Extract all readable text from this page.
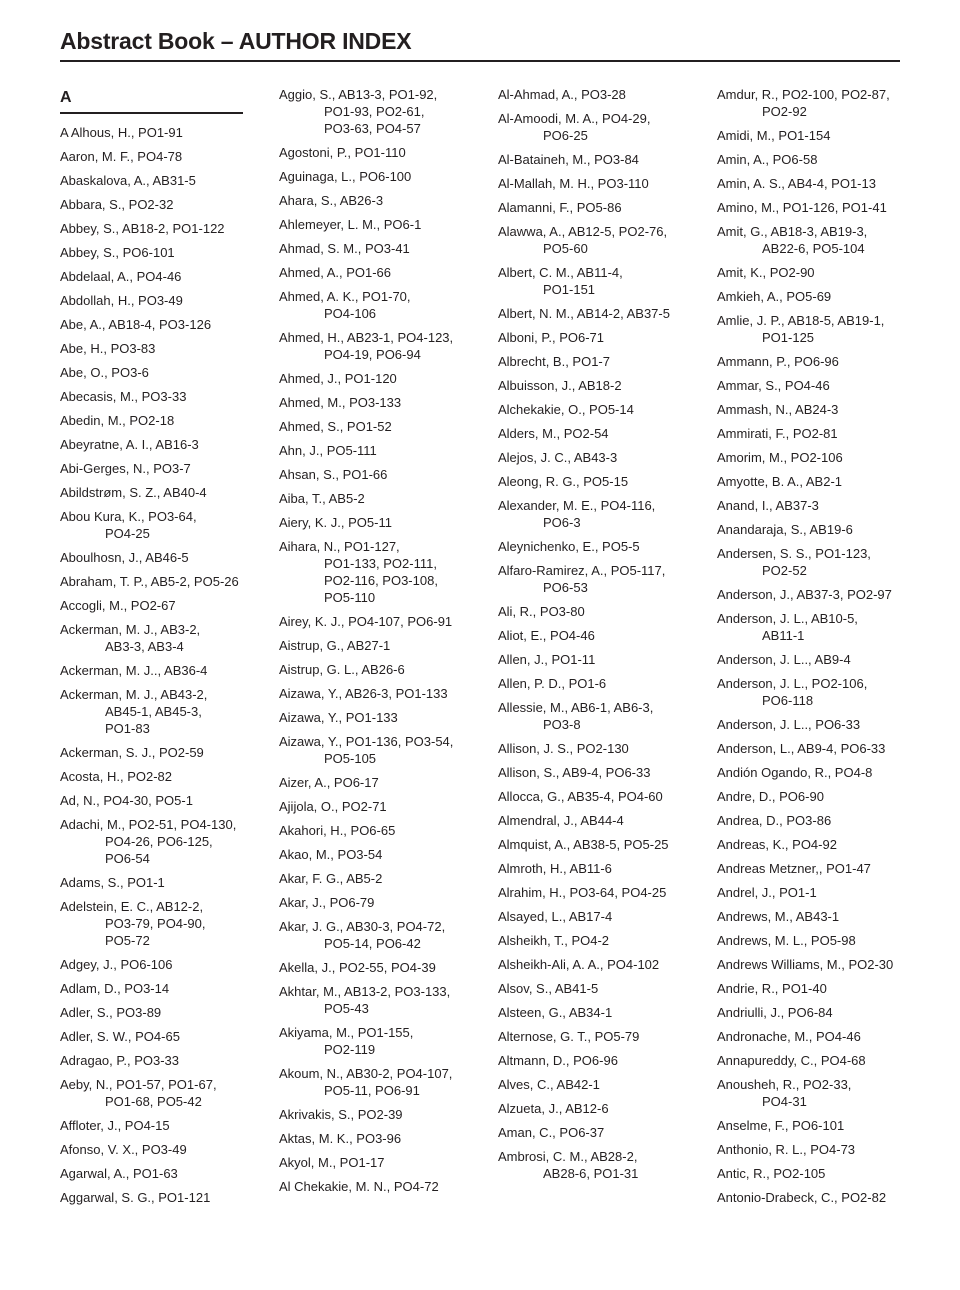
Abstract Book – AUTHOR INDEX
A
A Alhous, H., PO1-91
Aaron, M. F., PO4-78
Abaskalova, A., AB31-5
Abbara, S., PO2-32
Abbey, S., AB18-2, PO1-122
Abbey, S., PO6-101
Abdelaal, A., PO4-46
Abdollah, H., PO3-49
Abe, A., AB18-4, PO3-126
Abe, H., PO3-83
Abe, O., PO3-6
Abecasis, M., PO3-33
Abedin, M., PO2-18
Abeyratne, A. I., AB16-3
Abi-Gerges, N., PO3-7
Abildstrøm, S. Z., AB40-4
Abou Kura, K., PO3-64,
PO4-25
Aboulhosn, J., AB46-5
Abraham, T. P., AB5-2, PO5-26
Accogli, M., PO2-67
Ackerman, M. J., AB3-2,
AB3-3, AB3-4
Ackerman, M. J.., AB36-4
Ackerman, M. J., AB43-2,
AB45-1, AB45-3,
PO1-83
Ackerman, S. J., PO2-59
Acosta, H., PO2-82
Ad, N., PO4-30, PO5-1
Adachi, M., PO2-51, PO4-130,
PO4-26, PO6-125,
PO6-54
Adams, S., PO1-1
Adelstein, E. C., AB12-2,
PO3-79, PO4-90,
PO5-72
Adgey, J., PO6-106
Adlam, D., PO3-14
Adler, S., PO3-89
Adler, S. W., PO4-65
Adragao, P., PO3-33
Aeby, N., PO1-57, PO1-67,
PO1-68, PO5-42
Affloter, J., PO4-15
Afonso, V. X., PO3-49
Agarwal, A., PO1-63
Aggarwal, S. G., PO1-121
Aggio, S., AB13-3, PO1-92,
PO1-93, PO2-61,
PO3-63, PO4-57
Agostoni, P., PO1-110
Aguinaga, L., PO6-100
Ahara, S., AB26-3
Ahlemeyer, L. M., PO6-1
Ahmad, S. M., PO3-41
Ahmed, A., PO1-66
Ahmed, A. K., PO1-70,
PO4-106
Ahmed, H., AB23-1, PO4-123,
PO4-19, PO6-94
Ahmed, J., PO1-120
Ahmed, M., PO3-133
Ahmed, S., PO1-52
Ahn, J., PO5-111
Ahsan, S., PO1-66
Aiba, T., AB5-2
Aiery, K. J., PO5-11
Aihara, N., PO1-127,
PO1-133, PO2-111,
PO2-116, PO3-108,
PO5-110
Airey, K. J., PO4-107, PO6-91
Aistrup, G., AB27-1
Aistrup, G. L., AB26-6
Aizawa, Y., AB26-3, PO1-133
Aizawa, Y., PO1-133
Aizawa, Y., PO1-136, PO3-54,
PO5-105
Aizer, A., PO6-17
Ajijola, O., PO2-71
Akahori, H., PO6-65
Akao, M., PO3-54
Akar, F. G., AB5-2
Akar, J., PO6-79
Akar, J. G., AB30-3, PO4-72,
PO5-14, PO6-42
Akella, J., PO2-55, PO4-39
Akhtar, M., AB13-2, PO3-133,
PO5-43
Akiyama, M., PO1-155,
PO2-119
Akoum, N., AB30-2, PO4-107,
PO5-11, PO6-91
Akrivakis, S., PO2-39
Aktas, M. K., PO3-96
Akyol, M., PO1-17
Al Chekakie, M. N., PO4-72
Al-Ahmad, A., PO3-28
Al-Amoodi, M. A., PO4-29,
PO6-25
Al-Bataineh, M., PO3-84
Al-Mallah, M. H., PO3-110
Alamanni, F., PO5-86
Alawwa, A., AB12-5, PO2-76,
PO5-60
Albert, C. M., AB11-4,
PO1-151
Albert, N. M., AB14-2, AB37-5
Alboni, P., PO6-71
Albrecht, B., PO1-7
Albuisson, J., AB18-2
Alchekakie, O., PO5-14
Alders, M., PO2-54
Alejos, J. C., AB43-3
Aleong, R. G., PO5-15
Alexander, M. E., PO4-116,
PO6-3
Aleynichenko, E., PO5-5
Alfaro-Ramirez, A., PO5-117,
PO6-53
Ali, R., PO3-80
Aliot, E., PO4-46
Allen, J., PO1-11
Allen, P. D., PO1-6
Allessie, M., AB6-1, AB6-3,
PO3-8
Allison, J. S., PO2-130
Allison, S., AB9-4, PO6-33
Allocca, G., AB35-4, PO4-60
Almendral, J., AB44-4
Almquist, A., AB38-5, PO5-25
Almroth, H., AB11-6
Alrahim, H., PO3-64, PO4-25
Alsayed, L., AB17-4
Alsheikh, T., PO4-2
Alsheikh-Ali, A. A., PO4-102
Alsov, S., AB41-5
Alsteen, G., AB34-1
Alternose, G. T., PO5-79
Altmann, D., PO6-96
Alves, C., AB42-1
Alzueta, J., AB12-6
Aman, C., PO6-37
Ambrosi, C. M., AB28-2,
AB28-6, PO1-31
Amdur, R., PO2-100, PO2-87,
PO2-92
Amidi, M., PO1-154
Amin, A., PO6-58
Amin, A. S., AB4-4, PO1-13
Amino, M., PO1-126, PO1-41
Amit, G., AB18-3, AB19-3,
AB22-6, PO5-104
Amit, K., PO2-90
Amkieh, A., PO5-69
Amlie, J. P., AB18-5, AB19-1,
PO1-125
Ammann, P., PO6-96
Ammar, S., PO4-46
Ammash, N., AB24-3
Ammirati, F., PO2-81
Amorim, M., PO2-106
Amyotte, B. A., AB2-1
Anand, I., AB37-3
Anandaraja, S., AB19-6
Andersen, S. S., PO1-123,
PO2-52
Anderson, J., AB37-3, PO2-97
Anderson, J. L., AB10-5,
AB11-1
Anderson, J. L.., AB9-4
Anderson, J. L., PO2-106,
PO6-118
Anderson, J. L.., PO6-33
Anderson, L., AB9-4, PO6-33
Andión Ogando, R., PO4-8
Andre, D., PO6-90
Andrea, D., PO3-86
Andreas, K., PO4-92
Andreas Metzner,, PO1-47
Andrel, J., PO1-1
Andrews, M., AB43-1
Andrews, M. L., PO5-98
Andrews Williams, M., PO2-30
Andrie, R., PO1-40
Andriulli, J., PO6-84
Andronache, M., PO4-46
Annapureddy, C., PO4-68
Anousheh, R., PO2-33,
PO4-31
Anselme, F., PO6-101
Anthonio, R. L., PO4-73
Antic, R., PO2-105
Antonio-Drabeck, C., PO2-82
